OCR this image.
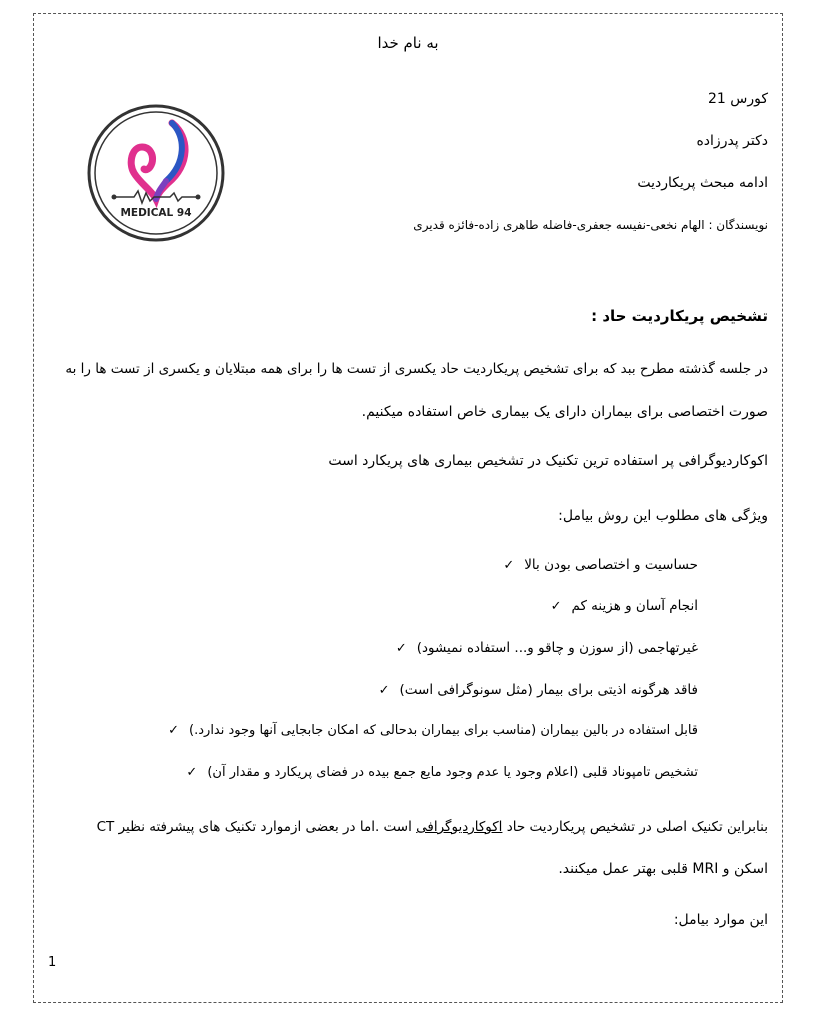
به نام خدا
MEDICAL 94
کورس 21
دکتر پدرزاده
ادامه مبحث پریکاردیت
نویسندگان : الهام نخعی-نفیسه جعفری-فاضله طاهری زاده-فائزه قدیری
تشخیص پریکاردیت حاد :
در جلسه گذشته مطرح ببد که برای تشخیص پریکاردیت حاد یکسری از تست ها را برای همه مبتلایان و یکسری از تست ها را به
صورت اختصاصی برای بیماران دارای یک بیماری خاص استفاده میکنیم.
اکوکاردیوگرافی پر استفاده ترین تکنیک در تشخیص بیماری های پریکارد است
ویژگی های مطلوب این روش بیامل:
✓ حساسیت و اختصاصی بودن بالا
✓ انجام آسان و هزینه کم
✓ غیرتهاجمی (از سوزن و چاقو و... استفاده نمیشود)
✓ فاقد هرگونه اذیتی برای بیمار (مثل سونوگرافی است)
✓ قابل استفاده در بالین بیماران (مناسب برای بیماران بدحالی که امکان جابجایی آنها وجود ندارد.)
✓ تشخیص تامپوناد قلبی (اعلام وجود یا عدم وجود مایع جمع بیده در فضای پریکارد و مقدار آن)
بنابراین تکنیک اصلی در تشخیص پریکاردیت حاد اکوکاردیوگرافی است .اما در بعضی ازموارد تکنیک های پیشرفته نظیر CT
اسکن و MRI قلبی بهتر عمل میکنند.
این موارد بیامل:
1
